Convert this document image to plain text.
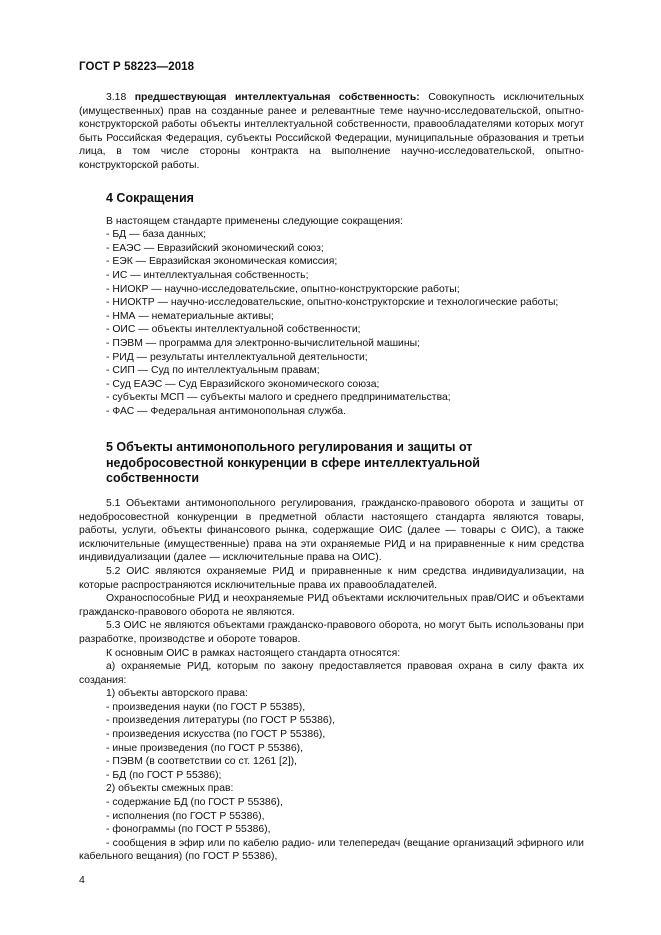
ГОСТ Р 58223—2018

3.18 предшествующая интеллектуальная собственность: Совокупность исключительных (имущественных) прав на созданные ранее и релевантные теме научно-исследовательской, опытно-конструкторской работы объекты интеллектуальной собственности, правообладателями которых могут быть Российская Федерация, субъекты Российской Федерации, муниципальные образования и третьи лица, в том числе стороны контракта на выполнение научно-исследовательской, опытно-конструкторской работы.

4 Сокращения
В настоящем стандарте применены следующие сокращения:
- БД — база данных;
- ЕАЭС — Евразийский экономический союз;
- ЕЭК — Евразийская экономическая комиссия;
- ИС — интеллектуальная собственность;
- НИОКР — научно-исследовательские, опытно-конструкторские работы;
- НИОКТР — научно-исследовательские, опытно-конструкторские и технологические работы;
- НМА — нематериальные активы;
- ОИС — объекты интеллектуальной собственности;
- ПЭВМ — программа для электронно-вычислительной машины;
- РИД — результаты интеллектуальной деятельности;
- СИП — Суд по интеллектуальным правам;
- Суд ЕАЭС — Суд Евразийского экономического союза;
- субъекты МСП — субъекты малого и среднего предпринимательства;
- ФАС — Федеральная антимонопольная служба.
5 Объекты антимонопольного регулирования и защиты от недобросовестной конкуренции в сфере интеллектуальной собственности

5.1 Объектами антимонопольного регулирования, гражданско-правового оборота и защиты от недобросовестной конкуренции в предметной области настоящего стандарта являются товары, работы, услуги, объекты финансового рынка, содержащие ОИС (далее — товары с ОИС), а также исключительные (имущественные) права на эти охраняемые РИД и на приравненные к ним средства индивидуализации (далее — исключительные права на ОИС).

5.2 ОИС являются охраняемые РИД и приравненные к ним средства индивидуализации, на которые распространяются исключительные права их правообладателей.

Охраноспособные РИД и неохраняемые РИД объектами исключительных прав/ОИС и объектами гражданско-правового оборота не являются.

5.3 ОИС не являются объектами гражданско-правового оборота, но могут быть использованы при разработке, производстве и обороте товаров.

К основным ОИС в рамках настоящего стандарта относятся:

а) охраняемые РИД, которым по закону предоставляется правовая охрана в силу факта их создания:

1) объекты авторского права:

- произведения науки (по ГОСТ Р 55385),

- произведения литературы (по ГОСТ Р 55386),

- произведения искусства (по ГОСТ Р 55386),

- иные произведения (по ГОСТ Р 55386),

- ПЭВМ (в соответствии со ст. 1261 [2]),

- БД (по ГОСТ Р 55386);

2) объекты смежных прав:

- содержание БД (по ГОСТ Р 55386),

- исполнения (по ГОСТ Р 55386),

- фонограммы (по ГОСТ Р 55386),

- сообщения в эфир или по кабелю радио- или телепередач (вещание организаций эфирного или кабельного вещания) (по ГОСТ Р 55386),

4
